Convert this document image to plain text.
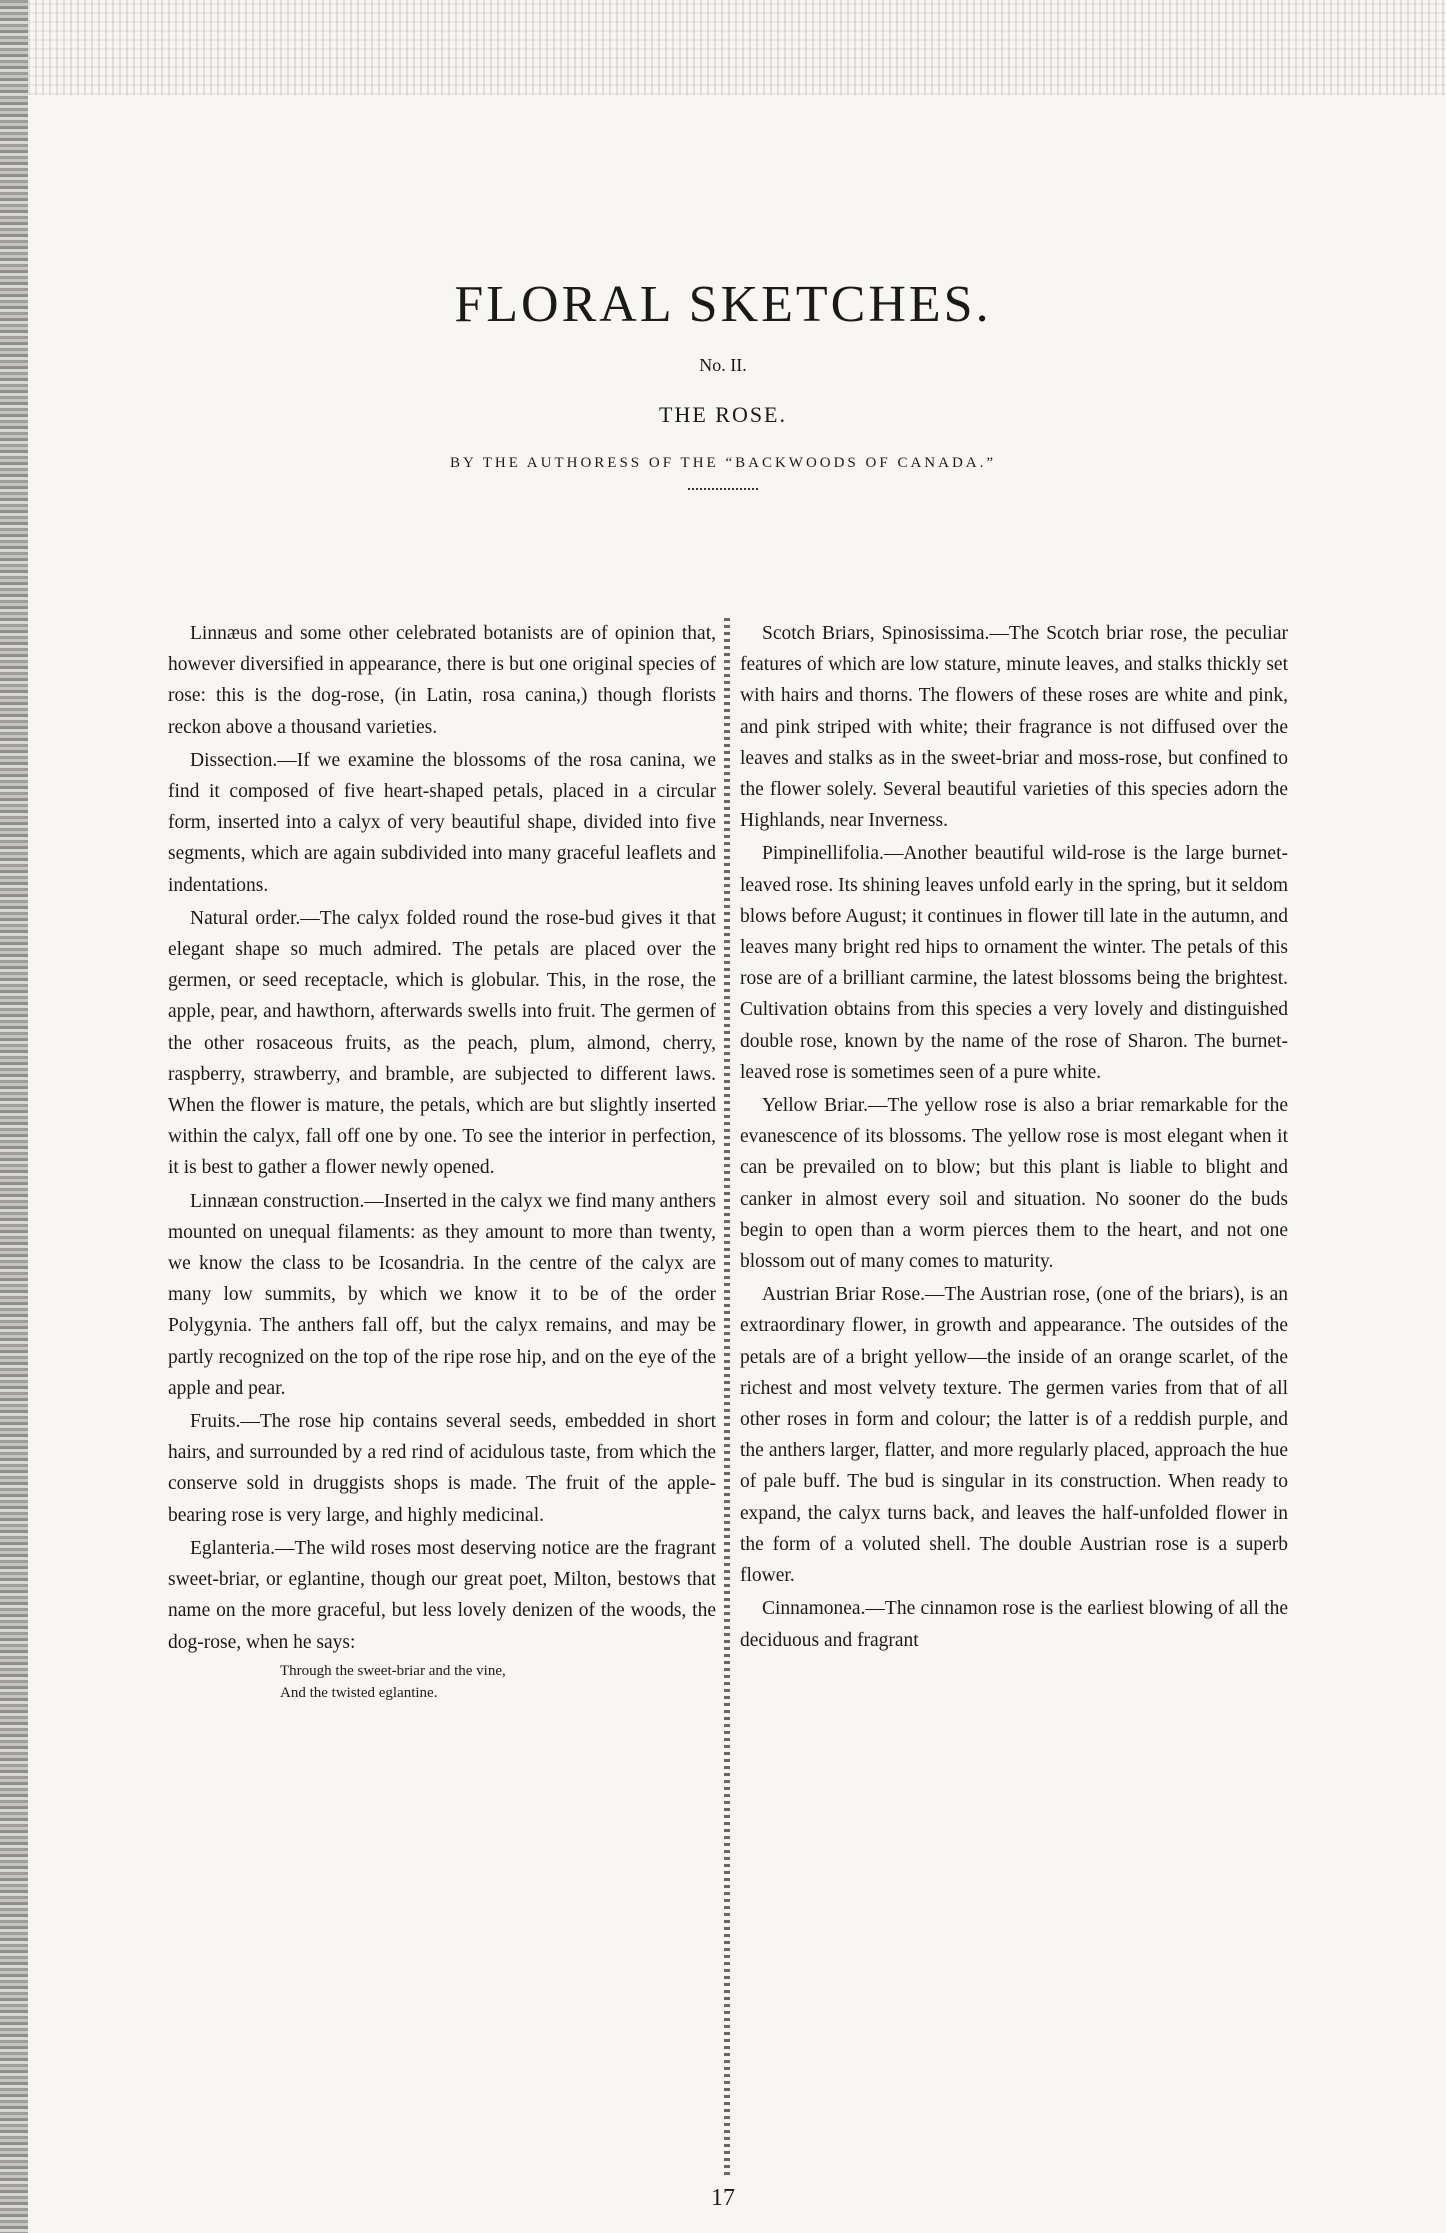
FLORAL SKETCHES.
No. II.
THE ROSE.
BY THE AUTHORESS OF THE “BACKWOODS OF CANADA.”

Linnæus and some other celebrated botanists are of opinion that, however diversified in appearance, there is but one original species of rose: this is the dog-rose, (in Latin, rosa canina,) though florists reckon above a thousand varieties.

Dissection.—If we examine the blossoms of the rosa canina, we find it composed of five heart-shaped petals, placed in a circular form, inserted into a calyx of very beautiful shape, divided into five segments, which are again subdivided into many graceful leaflets and indentations.

Natural order.—The calyx folded round the rose-bud gives it that elegant shape so much admired. The petals are placed over the germen, or seed receptacle, which is globular. This, in the rose, the apple, pear, and hawthorn, afterwards swells into fruit. The germen of the other rosaceous fruits, as the peach, plum, almond, cherry, raspberry, strawberry, and bramble, are subjected to different laws. When the flower is mature, the petals, which are but slightly inserted within the calyx, fall off one by one. To see the interior in perfection, it is best to gather a flower newly opened.

Linnæan construction.—Inserted in the calyx we find many anthers mounted on unequal filaments: as they amount to more than twenty, we know the class to be Icosandria. In the centre of the calyx are many low summits, by which we know it to be of the order Polygynia. The anthers fall off, but the calyx remains, and may be partly recognized on the top of the ripe rose hip, and on the eye of the apple and pear.

Fruits.—The rose hip contains several seeds, embedded in short hairs, and surrounded by a red rind of acidulous taste, from which the conserve sold in druggists shops is made. The fruit of the apple-bearing rose is very large, and highly medicinal.

Eglanteria.—The wild roses most deserving notice are the fragrant sweet-briar, or eglantine, though our great poet, Milton, bestows that name on the more graceful, but less lovely denizen of the woods, the dog-rose, when he says:

Through the sweet-briar and the vine,

And the twisted eglantine.

Scotch Briars, Spinosissima.—The Scotch briar rose, the peculiar features of which are low stature, minute leaves, and stalks thickly set with hairs and thorns. The flowers of these roses are white and pink, and pink striped with white; their fragrance is not diffused over the leaves and stalks as in the sweet-briar and moss-rose, but confined to the flower solely. Several beautiful varieties of this species adorn the Highlands, near Inverness.

Pimpinellifolia.—Another beautiful wild-rose is the large burnet-leaved rose. Its shining leaves unfold early in the spring, but it seldom blows before August; it continues in flower till late in the autumn, and leaves many bright red hips to ornament the winter. The petals of this rose are of a brilliant carmine, the latest blossoms being the brightest. Cultivation obtains from this species a very lovely and distinguished double rose, known by the name of the rose of Sharon. The burnet-leaved rose is sometimes seen of a pure white.

Yellow Briar.—The yellow rose is also a briar remarkable for the evanescence of its blossoms. The yellow rose is most elegant when it can be prevailed on to blow; but this plant is liable to blight and canker in almost every soil and situation. No sooner do the buds begin to open than a worm pierces them to the heart, and not one blossom out of many comes to maturity.

Austrian Briar Rose.—The Austrian rose, (one of the briars), is an extraordinary flower, in growth and appearance. The outsides of the petals are of a bright yellow—the inside of an orange scarlet, of the richest and most velvety texture. The germen varies from that of all other roses in form and colour; the latter is of a reddish purple, and the anthers larger, flatter, and more regularly placed, approach the hue of pale buff. The bud is singular in its construction. When ready to expand, the calyx turns back, and leaves the half-unfolded flower in the form of a voluted shell. The double Austrian rose is a superb flower.

Cinnamonea.—The cinnamon rose is the earliest blowing of all the deciduous and fragrant

17
